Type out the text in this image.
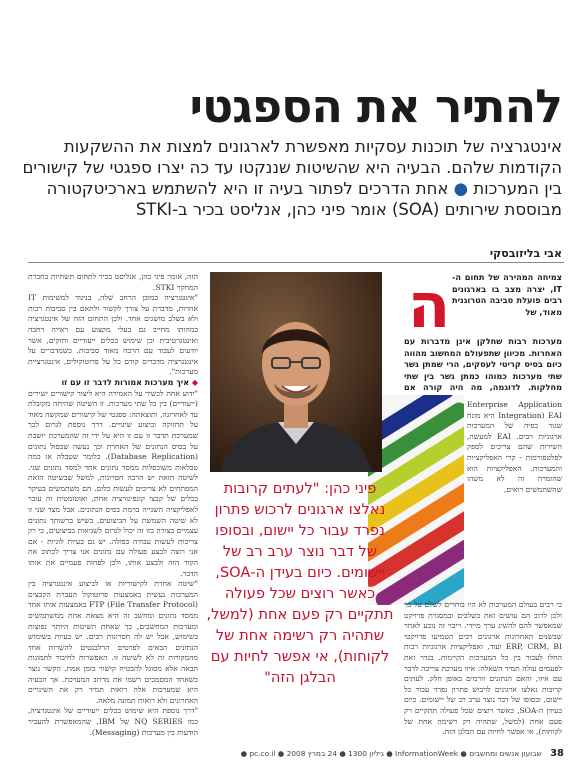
להתיר את הספגטי
אינטגרציה של תוכנות עסקיות מאפשרת לארגונים למצות את ההשקעות הקודמות שלהם. הבעיה היא שהשיטות שננקטו עד כה יצרו ספגטי של קישורים בין המערכות ● אחת הדרכים לפתור בעיה זו היא להשתמש בארכיטקטורה מבוססת שירותים (SOA) אומר פיני כהן, אנליסט בכיר ב-STKI
אבי בליזובסקי

צמיחה המהירה של תחום ה-IT, יצרה מצב בו בארגונים רבים פועלת סביבה הטרוגנית מאוד, של

ה	מערכות רבות שחלקן אינן מדברות עם האחרות. מכיוון שתפעולם המחשוב מהווה כיום בסיס קריטי לעסקים, הרי שמתן גשר שתי מערכות כמוהו כמתן גשר בין שתי מחלקות. לדוגמה, מה היה קורה אם

Enterprise Application Integration) EAI היא מונח שגור בפיה של המערכות ארגוניות רבים. EAI למעשה, השירות שהם צריכים לספק לפלטפורמות - קרי האפליקציות והמערכות. האפליקציות הוא שהומרה זה לא משהו שהשתמשים רואים,

כי רבים בעולם המערכות לא היו בוחרים לשלם על כך ולכן לרוב הם עושים זאת בשלבים ובמסגרת פרויקט שמאפשר להם להשיג ערך מיידי. ריבוי זה נובע לאחר שבשנים האחרונות ארגונים רבים הטמיעו פרויקטי ERP, CRM, BI ועוד, ואפליקציות ארגוניות רבות החלו לעבור בין כל המערכות הקיימות. בגדר זאת לפעמים עולה תמיד השאלה: איזו מערכת צריכה לדבר עם איזו, והאם הנתונים זורמים באופן חלק. לעתים קרובות נאלצו ארגונים לרכוש פתרון נפרד עבור כל יישום, ובסופו של דבר נוצר ערב רב של יישומים. כיום בעידן ה-SOA, כאשר רוצים שכל פעולה תתקיים רק פעם אחת (למשל, שתהיה רק רשימה אחת של לקוחות), אי אפשר לחיות עם הבלגן הזה.

פיני כהן: "לעתים קרובות נאלצו ארגונים לרכוש פתרון נפרד עבור כל יישום, ובסופו של דבר נוצר ערב רב של יישומים. כיום בעידן ה-SOA, כאשר רוצים שכל פעולה תתקיים רק פעם אחת (למשל, שתהיה רק רשימה אחת של לקוחות), אי אפשר לחיות עם הבלגן הזה"

הזה, אומר פיני כהן, אנליסט בכיר לתחום תשתיות בחברת המחקר STKI.

"אינטגרציה במובן הרחב שלה, בניגוד למשימות IT אחרות, מדברת על צורך לקשור ולתאם בין סביבות רבות ולא בשלב מושגים אחד. ולכן התחום הזה של אינטגרציה במהותו מחייב גם בעלי מקצוע עם ראייה רחבה ואינטגרטיבית וכן שימוש בכלים ייעודיים וחזקים, אשר יודעים לעבוד עם הרבה מאוד סביבות. כשמדברים על אינטגרציה מדברים קודם כל על פרוטוקולים, אינטגרציית מערכות".

◆ איך מערכות אמורות לדבר זו עם זו

"ידוע אחת לכשיר על האמירה היא ליצור קישורים ישירים (ייעודיים) בין כל שתי מערכות. זו השיטה שהיתה מקובלת עד לאחרונה, ותוצאתה: ספגטי של קישורים שמקשה מאוד על תחזוקה וביצוע שינויים. דרך נוספת לגרום לכך שמערכת תדבר זו עם זו היא על ידי זה שהמערכת יושבת על בסיס הנתונים של האחרת וכך נעשה שכפול נתונים (Database Replication). כלומר שטבלה או כמה טבלאות משוכפלות ממסד נתונים אחד למסד נתונים שני. לשיטה הזאת יש הרבה חסרונות, למשל שבשיטה הזאת המפתחים לא צריכים לעשות כלום. הם משתמשים בעיקר בכלים של קבצי קונפיגורציה אחת, ואוטומטית זה עובר לאפליקציה השנייה ברמת בסיס הנתונים. אבל מצד שני זו לא שיטה השמשת על הביצועים. כשיש ברשותך נתונים עצמיים בצורה כזו זה יכול לגרום לשגיאות בביצועים, כי רק צריכות לעשות עבודה כפולה. יש גם בעיות לוגיות - אם אני רוצה לבצע פעולה עם נתונים אני צריך לכתוב את הקוד הזה ולבצע אותו, ולכן לפחות פעמיים את אותו הדבר.

"שיטה אחרת לקישוריות או לביצוע אינטגרציה בין המערכות נעשית באמצעות פרוטוקול העברת הקבצים FTP (File Transfer Protocol) באמצעות אותו אחד ממסד נתונים ומחשב זה היא מצאת אחת ממשתמשים ומערכות המחשבים, כך שאחת השיטות היותר נפוצות בשימוש, אבל יש לה חסרונות רבים. יש בעיות בשימוש הנתונים הבאים לפרטים הרלבנטים להשרות אחד מהמקורות זה לא לשיטה זו. האפשרות לחיבור לתמונות הבאה אלא מסוגל להבטיח קישור בזמן אמת. הקשר נוצר כשאחד המסמכים רשמו את מרחב המערכת. אך הבעיה היא שמערכות אלה רואות תמיד רק את השינויים האחרונים ולא רואות תמונה מלאה.

"דרך נוספת היא שימוש בכלים ייעודיים של אינטגרציה, כמו NQ SERIES של IBM, שהמאפשרת להעביר הודעות בין מערכות (Messaging).

38 שבועון אנשים ומחשבים ● InformationWeek ● גיליון 1300 ● 24 במרץ 2008 ● pc.co.il ●
